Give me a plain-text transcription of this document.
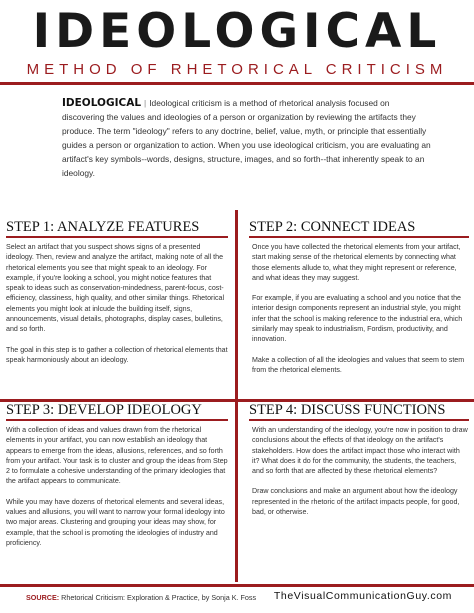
IDEOLOGICAL
METHOD OF RHETORICAL CRITICISM
IDEOLOGICAL | Ideological criticism is a method of rhetorical analysis focused on discovering the values and ideologies of a person or organization by reviewing the artifacts they produce. The term "ideology" refers to any doctrine, belief, value, myth, or principle that essentially guides a person or organization to action. When you use ideological criticism, you are evaluating an artifact's key symbols--words, designs, structure, images, and so forth--that inherently speak to an ideology.
STEP 1: ANALYZE FEATURES

Select an artifact that you suspect shows signs of a presented ideology. Then, review and analyze the artifact, making note of all the rhetorical elements you see that might speak to an ideology. For example, if you're looking a school, you might notice features that speak to ideas such as conservation-mindedness, parent-focus, cost-efficiency, classiness, high quality, and other similar things. Rhetorical elements you might look at inlcude the building itself, signs, announcements, visual details, photographs, display cases, bulletins, and so forth.

The goal in this step is to gather a collection of rhetorical elements that speak harmoniously about an ideology.

STEP 2: CONNECT IDEAS

Once you have collected the rhetorical elements from your artifact, start making sense of the rhetorical elements by connecting what those elements allude to, what they might represent or reference, and what ideas they may suggest.

For example, if you are evaluating a school and you notice that the interior design components represent an industrial style, you might infer that the school is making reference to the industrial era, which similarly may speak to industrialism, Fordism, productivity, and innovation.

Make a collection of all the ideologies and values that seem to stem from the rhetorical elements.

STEP 3: DEVELOP IDEOLOGY

With a collection of ideas and values drawn from the rhetorical elements in your artifact, you can now establish an ideology that appears to emerge from the ideas, allusions, references, and so forth from your artifact. Your task is to cluster and group the ideas from Step 2 to formulate a cohesive understanding of the primary ideologies that the artifact appears to communicate.

While you may have dozens of rhetorical elements and several ideas, values and allusions, you will want to narrow your formal ideology into two major areas. Clustering and grouping your ideas may show, for example, that the school is promoting the ideologies of industry and proficiency.

STEP 4: DISCUSS FUNCTIONS

With an understanding of the ideology, you're now in position to draw conclusions about the effects of that ideology on the artifact's stakeholders. How does the artifact impact those who interact with it? What does it do for the community, the students, the teachers, and so forth that are affected by these rhetorical elements?

Draw conclusions and make an argument about how the ideology represented in the rhetoric of the artifact impacts people, for good, bad, or otherwise.

SOURCE: Rhetorical Criticism: Exploration & Practice, by Sonja K. Foss TheVisualCommunicationGuy.com
